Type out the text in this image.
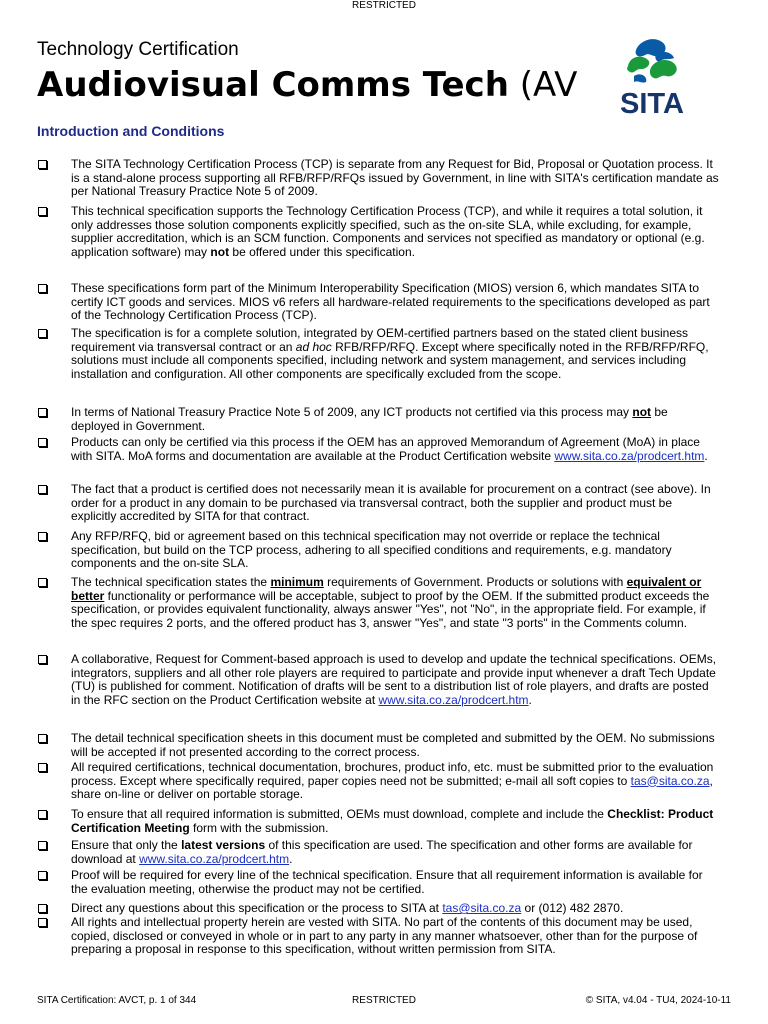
RESTRICTED
Technology Certification
Audiovisual Comms Tech (AV SITA
Introduction and Conditions
The SITA Technology Certification Process (TCP) is separate from any Request for Bid, Proposal or Quotation process. It is a stand-alone process supporting all RFB/RFP/RFQs issued by Government, in line with SITA's certification mandate as per National Treasury Practice Note 5 of 2009.
This technical specification supports the Technology Certification Process (TCP), and while it requires a total solution, it only addresses those solution components explicitly specified, such as the on-site SLA, while excluding, for example, supplier accreditation, which is an SCM function. Components and services not specified as mandatory or optional (e.g. application software) may not be offered under this specification.
These specifications form part of the Minimum Interoperability Specification (MIOS) version 6, which mandates SITA to certify ICT goods and services. MIOS v6 refers all hardware-related requirements to the specifications developed as part of the Technology Certification Process (TCP).
The specification is for a complete solution, integrated by OEM-certified partners based on the stated client business requirement via transversal contract or an ad hoc RFB/RFP/RFQ. Except where specifically noted in the RFB/RFP/RFQ, solutions must include all components specified, including network and system management, and services including installation and configuration. All other components are specifically excluded from the scope.
In terms of National Treasury Practice Note 5 of 2009, any ICT products not certified via this process may not be deployed in Government.
Products can only be certified via this process if the OEM has an approved Memorandum of Agreement (MoA) in place with SITA. MoA forms and documentation are available at the Product Certification website www.sita.co.za/prodcert.htm.
The fact that a product is certified does not necessarily mean it is available for procurement on a contract (see above). In order for a product in any domain to be purchased via transversal contract, both the supplier and product must be explicitly accredited by SITA for that contract.
Any RFP/RFQ, bid or agreement based on this technical specification may not override or replace the technical specification, but build on the TCP process, adhering to all specified conditions and requirements, e.g. mandatory components and the on-site SLA.
The technical specification states the minimum requirements of Government. Products or solutions with equivalent or better functionality or performance will be acceptable, subject to proof by the OEM. If the submitted product exceeds the specification, or provides equivalent functionality, always answer "Yes", not "No", in the appropriate field. For example, if the spec requires 2 ports, and the offered product has 3, answer "Yes", and state "3 ports" in the Comments column.
A collaborative, Request for Comment-based approach is used to develop and update the technical specifications. OEMs, integrators, suppliers and all other role players are required to participate and provide input whenever a draft Tech Update (TU) is published for comment. Notification of drafts will be sent to a distribution list of role players, and drafts are posted in the RFC section on the Product Certification website at www.sita.co.za/prodcert.htm.
The detail technical specification sheets in this document must be completed and submitted by the OEM. No submissions will be accepted if not presented according to the correct process.
All required certifications, technical documentation, brochures, product info, etc. must be submitted prior to the evaluation process. Except where specifically required, paper copies need not be submitted; e-mail all soft copies to tas@sita.co.za, share on-line or deliver on portable storage.
To ensure that all required information is submitted, OEMs must download, complete and include the Checklist: Product Certification Meeting form with the submission.
Ensure that only the latest versions of this specification are used. The specification and other forms are available for download at www.sita.co.za/prodcert.htm.
Proof will be required for every line of the technical specification. Ensure that all requirement information is available for the evaluation meeting, otherwise the product may not be certified.
Direct any questions about this specification or the process to SITA at tas@sita.co.za or (012) 482 2870.
All rights and intellectual property herein are vested with SITA. No part of the contents of this document may be used, copied, disclosed or conveyed in whole or in part to any party in any manner whatsoever, other than for the purpose of preparing a proposal in response to this specification, without written permission from SITA.
SITA Certification: AVCT, p. 1 of 344	RESTRICTED	© SITA, v4.04 - TU4, 2024-10-11
